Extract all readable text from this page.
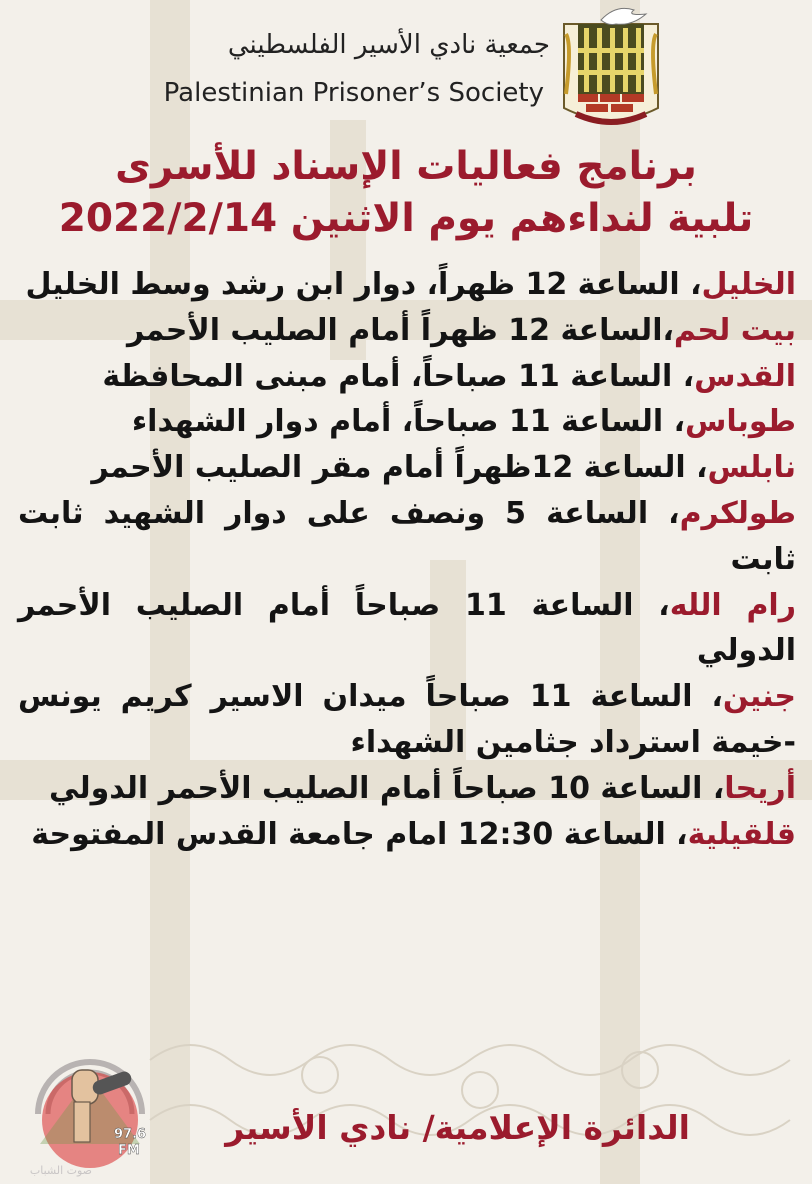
جمعية نادي الأسير الفلسطيني
Palestinian Prisoner’s Society
برنامج فعاليات الإسناد للأسرى
تلبية لنداءهم يوم الاثنين 2022/2/14

الخليل، الساعة 12 ظهراً، دوار ابن رشد وسط الخليل

بيت لحم،الساعة 12 ظهراً أمام الصليب الأحمر

القدس، الساعة 11 صباحاً، أمام مبنى المحافظة

طوباس، الساعة 11 صباحاً، أمام دوار الشهداء

نابلس، الساعة 12ظهراً أمام مقر الصليب الأحمر

طولكرم، الساعة 5 ونصف على دوار الشهيد ثابت ثابت

رام الله، الساعة 11 صباحاً أمام الصليب الأحمر الدولي

جنين، الساعة 11 صباحاً ميدان الاسير كريم يونس -خيمة استرداد جثامين الشهداء

أريحا، الساعة 10 صباحاً أمام الصليب الأحمر الدولي

قلقيلية، الساعة 12:30 امام جامعة القدس المفتوحة

الدائرة الإعلامية/ نادي الأسير
97.6
FM
صوت الشباب
